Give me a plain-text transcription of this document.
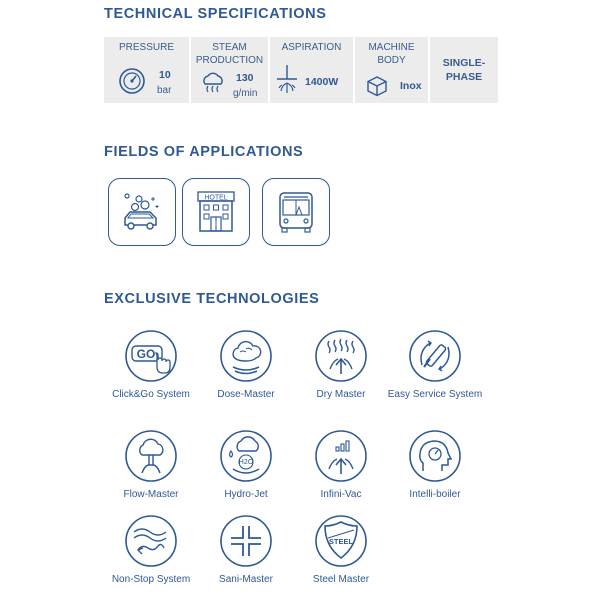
TECHNICAL SPECIFICATIONS
PRESSURE
10
bar
STEAM
PRODUCTION
130
g/min
ASPIRATION
1400W
MACHINE
BODY
Inox
SINGLE-
PHASE
FIELDS OF APPLICATIONS
HOTEL
EXCLUSIVE TECHNOLOGIES
GO
Click&Go System	Dose-Master	Dry Master	Easy Service System
Flow-Master
H2O
Hydro-Jet	Infini-Vac	Intelli-boiler
Non-Stop System	Sani-Master
STEEL
Steel Master
